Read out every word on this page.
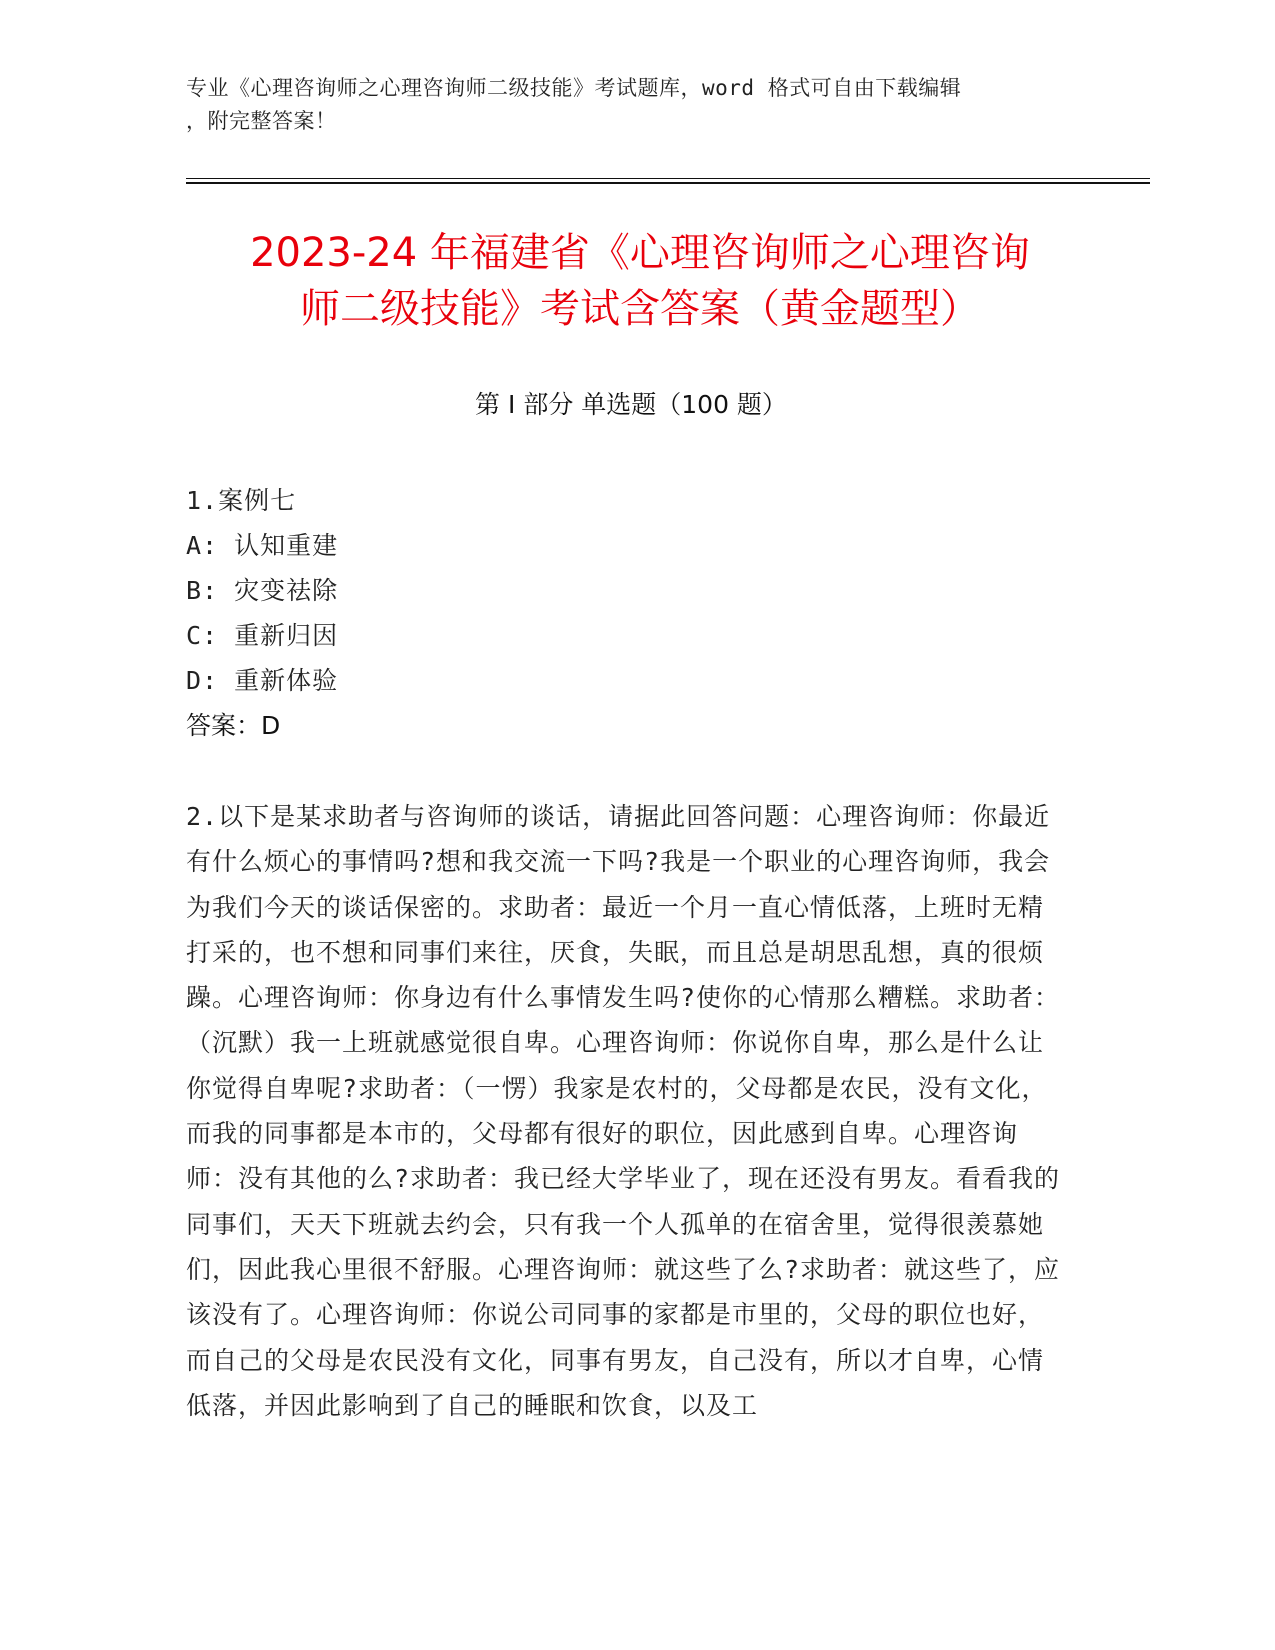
专业《心理咨询师之心理咨询师二级技能》考试题库，word 格式可自由下载编辑
，附完整答案！
2023-24 年福建省《心理咨询师之心理咨询
师二级技能》考试含答案（黄金题型）
第 I 部分 单选题（100 题）
1.案例七
A: 认知重建
B: 灾变祛除
C: 重新归因
D: 重新体验
答案：D
2.以下是某求助者与咨询师的谈话，请据此回答问题：心理咨询师：你最近有什么烦心的事情吗?想和我交流一下吗?我是一个职业的心理咨询师，我会为我们今天的谈话保密的。求助者：最近一个月一直心情低落，上班时无精打采的，也不想和同事们来往，厌食，失眠，而且总是胡思乱想，真的很烦躁。心理咨询师：你身边有什么事情发生吗?使你的心情那么糟糕。求助者：（沉默）我一上班就感觉很自卑。心理咨询师：你说你自卑，那么是什么让你觉得自卑呢?求助者：（一愣）我家是农村的，父母都是农民，没有文化，而我的同事都是本市的，父母都有很好的职位，因此感到自卑。心理咨询师：没有其他的么?求助者：我已经大学毕业了，现在还没有男友。看看我的同事们，天天下班就去约会，只有我一个人孤单的在宿舍里，觉得很羡慕她们，因此我心里很不舒服。心理咨询师：就这些了么?求助者：就这些了，应该没有了。心理咨询师：你说公司同事的家都是市里的，父母的职位也好，而自己的父母是农民没有文化，同事有男友，自己没有，所以才自卑，心情低落，并因此影响到了自己的睡眠和饮食，以及工
